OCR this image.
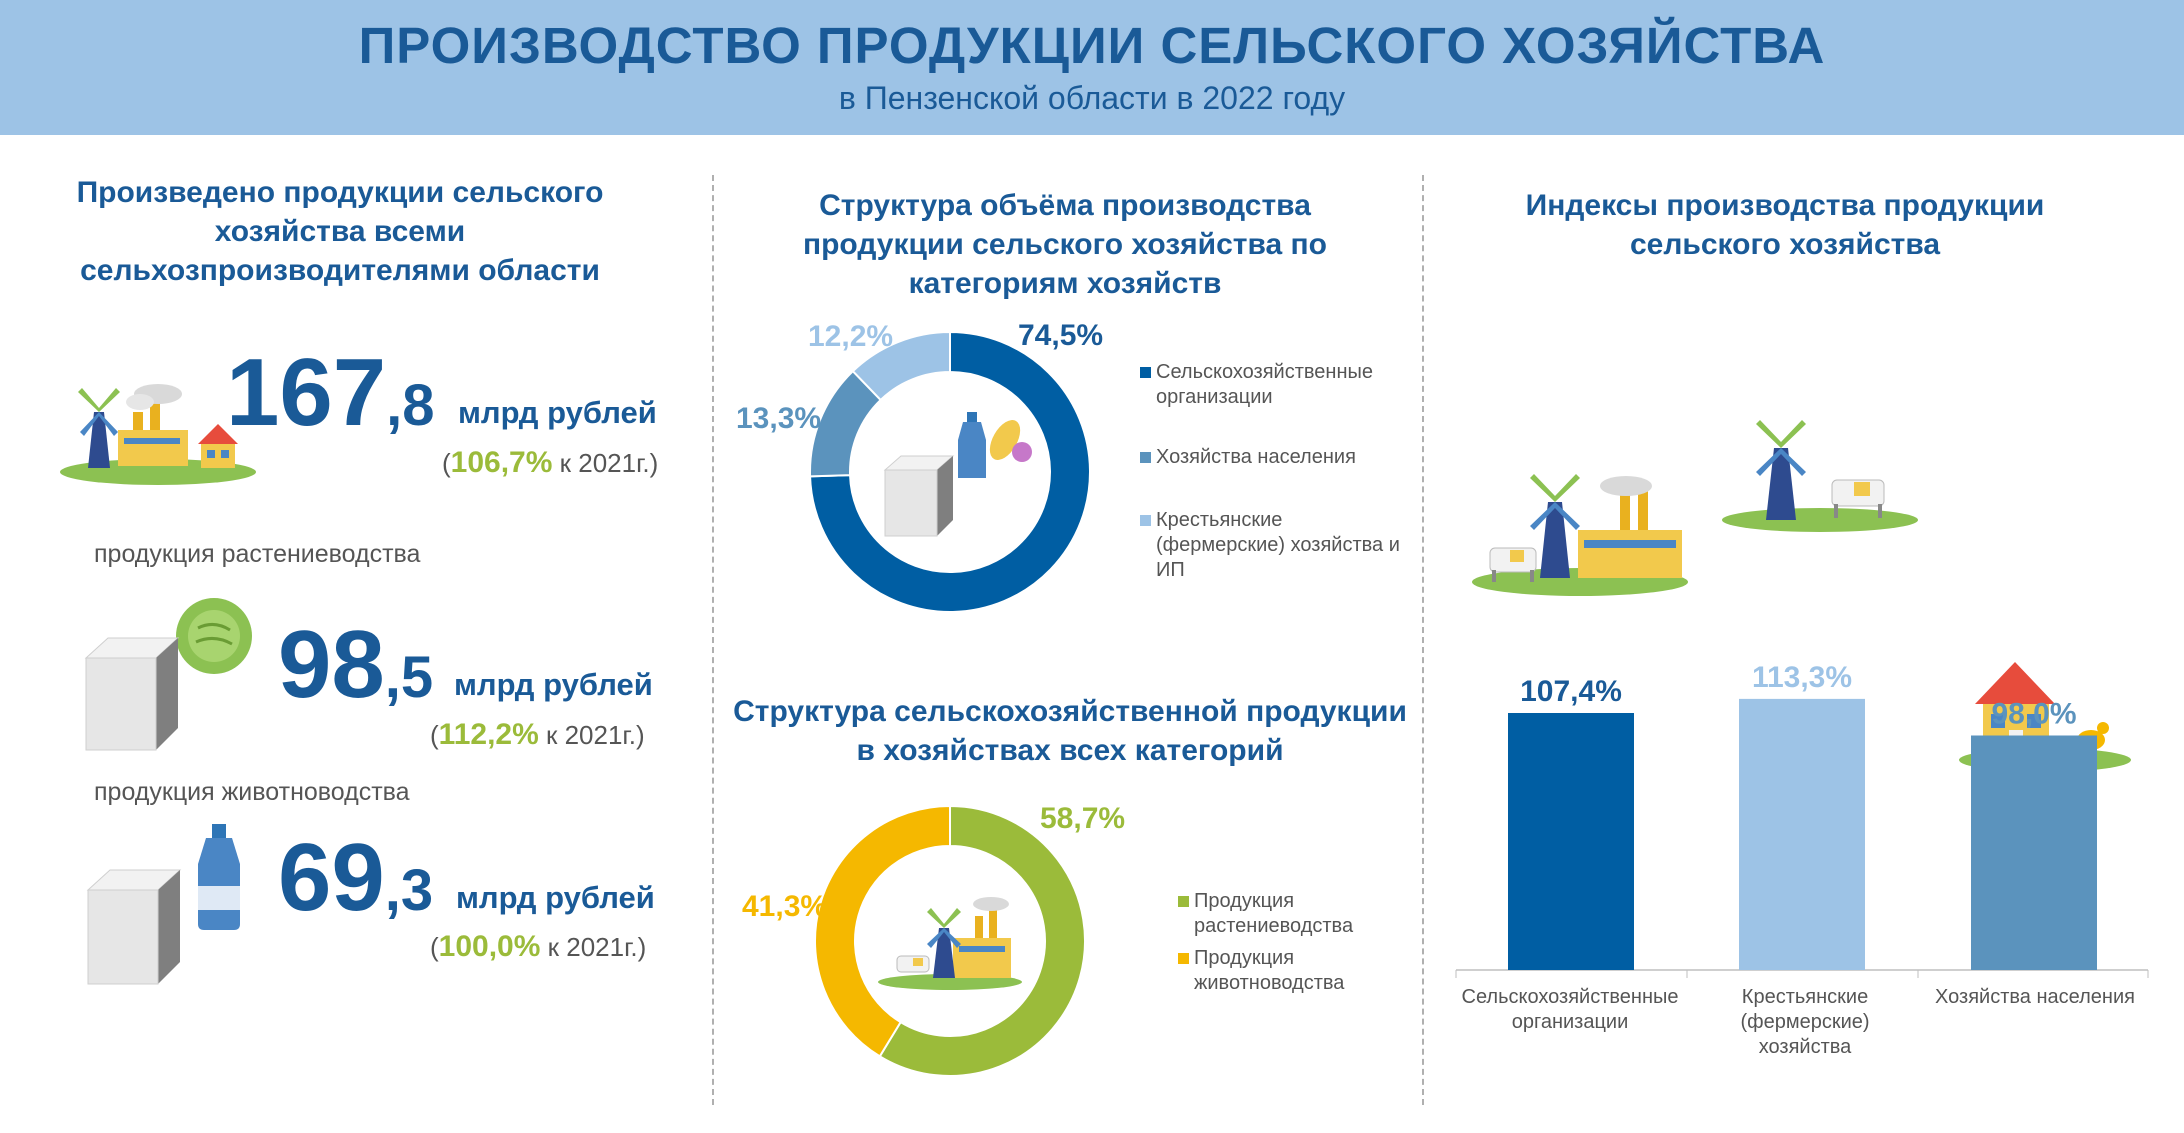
ПРОИЗВОДСТВО ПРОДУКЦИИ СЕЛЬСКОГО ХОЗЯЙСТВА
в Пензенской области в 2022 году
Произведено продукции сельского хозяйства всеми сельхозпроизводителями области
167,8 млрд рублей
(106,7% к 2021г.)
продукция растениеводства
98,5 млрд рублей
(112,2% к 2021г.)
продукция животноводства
69,3 млрд рублей
(100,0% к 2021г.)
Структура объёма производства продукции сельского хозяйства по категориям хозяйств
74,5%
13,3%
12,2%
Сельскохозяйственные организации
Хозяйства населения
Крестьянские (фермерские) хозяйства и ИП
Структура сельскохозяйственной продукции в хозяйствах всех категорий
58,7%
41,3%	Продукция растениеводства
Продукция животноводства
Индексы производства продукции сельского хозяйства
107,4%	113,3%
98,0%
Сельскохозяйственные организации
Крестьянские (фермерские) хозяйства
Хозяйства населения
